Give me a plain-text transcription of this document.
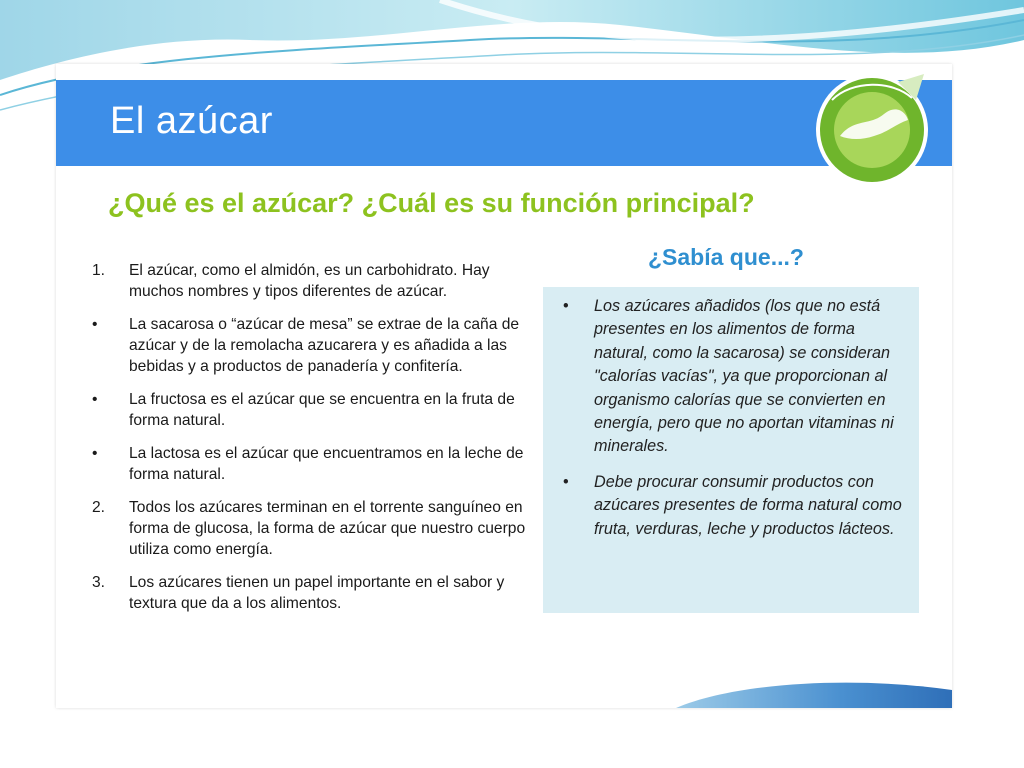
El azúcar
¿Qué es el azúcar? ¿Cuál es su función principal?
1. El azúcar, como el almidón, es un carbohidrato. Hay muchos nombres y tipos diferentes de azúcar.
• La sacarosa o “azúcar de mesa” se extrae de la caña de azúcar y de la remolacha azucarera y es añadida a las bebidas y a productos de panadería y confitería.
• La fructosa es el azúcar que se encuentra en la fruta de forma natural.
• La lactosa es el azúcar que encuentramos en la leche de forma natural.
2. Todos los azúcares terminan en el torrente sanguíneo en forma de glucosa, la forma de azúcar que nuestro cuerpo utiliza como energía.
3. Los azúcares tienen un papel importante en el sabor y textura que da a los alimentos.
¿Sabía que...?
• Los azúcares añadidos (los que no está presentes en los alimentos de forma natural, como la sacarosa) se consideran "calorías vacías", ya que proporcionan al organismo calorías que se convierten en energía, pero que no aportan vitaminas ni minerales.
• Debe procurar consumir productos con azúcares presentes de forma natural como fruta, verduras, leche y productos lácteos.
